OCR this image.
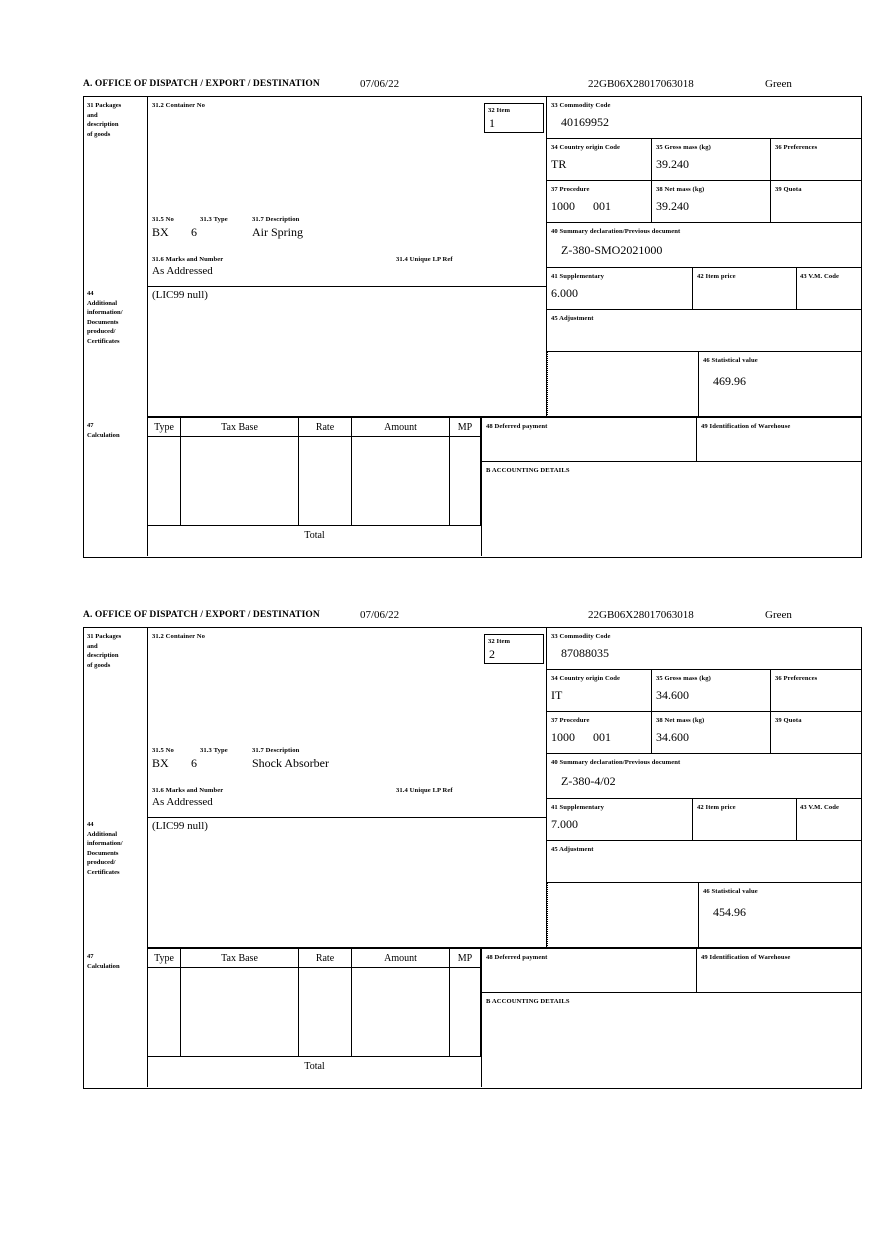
A. OFFICE OF DISPATCH / EXPORT / DESTINATION	07/06/22	22GB06X28017063018	Green
31 Packages
and
description
of goods
44
Additional
information/
Documents
produced/
Certificates
31.2 Container No
31.5 No	31.3 Type	31.7 Description
BX 6	Air Spring
31.6 Marks and Number	31.4 Unique I.P Ref
As Addressed
32 Item
1
(LIC99 null)
33 Commodity Code
40169952
34 Country origin Code
TR
35 Gross mass (kg)
39.240
36 Preferences
37 Procedure
1000      001
38 Net mass (kg)
39.240
39 Quota
40 Summary declaration/Previous document
Z-380-SMO2021000
41 Supplementary
6.000
42 Item price	43 V.M. Code
45 Adjustment
46 Statistical value
469.96
47
Calculation
Type	Tax Base	Rate	Amount	MP
Total
48 Deferred payment	49 Identification of Warehouse
B ACCOUNTING DETAILS
A. OFFICE OF DISPATCH / EXPORT / DESTINATION	07/06/22	22GB06X28017063018	Green
31 Packages
and
description
of goods
44
Additional
information/
Documents
produced/
Certificates
31.2 Container No
31.5 No	31.3 Type	31.7 Description
BX 6	Shock Absorber
31.6 Marks and Number	31.4 Unique I.P Ref
As Addressed
32 Item
2
(LIC99 null)
33 Commodity Code
87088035
34 Country origin Code
IT
35 Gross mass (kg)
34.600
36 Preferences
37 Procedure
1000      001
38 Net mass (kg)
34.600
39 Quota
40 Summary declaration/Previous document
Z-380-4/02
41 Supplementary
7.000
42 Item price	43 V.M. Code
45 Adjustment
46 Statistical value
454.96
47
Calculation
Type	Tax Base	Rate	Amount	MP
Total
48 Deferred payment	49 Identification of Warehouse
B ACCOUNTING DETAILS
